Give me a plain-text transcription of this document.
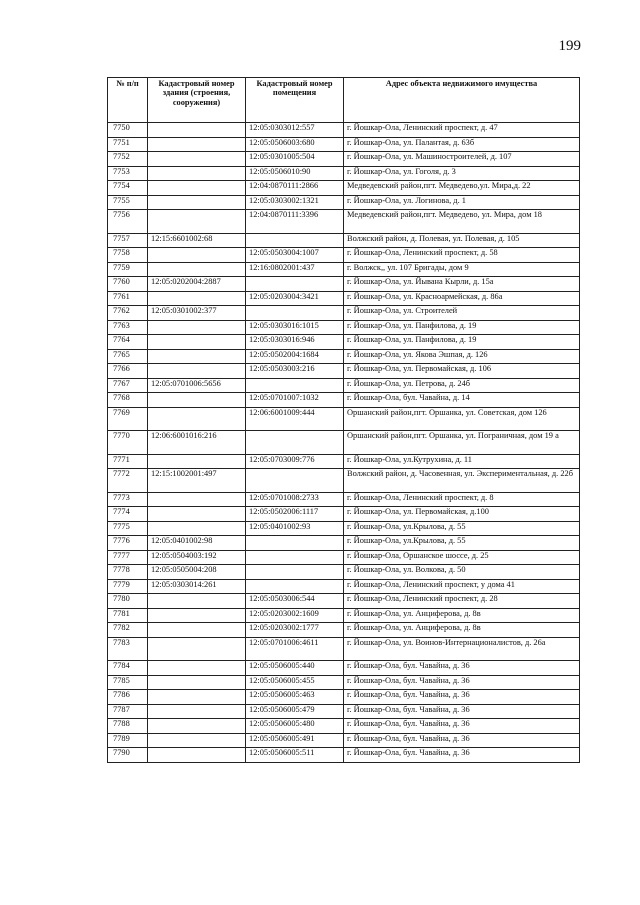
199
№ п/п	Кадастровый номер здания (строения, сооружения)	Кадастровый номер помещения	Адрес объекта недвижимого имущества
7750		12:05:0303012:557	г. Йошкар-Ола, Ленинский проспект, д. 47
7751		12:05:0506003:680	г. Йошкар-Ола, ул. Палантая, д. 63б
7752		12:05:0301005:504	г. Йошкар-Ола, ул. Машиностроителей, д. 107
7753		12:05:0506010:90	г. Йошкар-Ола, ул. Гоголя, д. 3
7754		12:04:0870111:2866	Медведевский район,пгт. Медведево,ул. Мира,д. 22
7755		12:05:0303002:1321	г. Йошкар-Ола, ул. Логинова, д. 1
7756		12:04:0870111:3396	Медведевский район,пгт. Медведево, ул. Мира, дом 18
7757	12:15:6601002:68		Волжский район, д. Полевая, ул. Полевая, д. 105
7758		12:05:0503004:1007	г. Йошкар-Ола, Ленинский проспект, д. 58
7759		12:16:0802001:437	г. Волжск,, ул. 107 Бригады, дом 9
7760	12:05:0202004:2887		г. Йошкар-Ола, ул. Йывана Кырли, д. 15а
7761		12:05:0203004:3421	г. Йошкар-Ола, ул. Красноармейская, д. 86а
7762	12:05:0301002:377		г. Йошкар-Ола, ул. Строителей
7763		12:05:0303016:1015	г. Йошкар-Ола, ул. Панфилова, д. 19
7764		12:05:0303016:946	г. Йошкар-Ола, ул. Панфилова, д. 19
7765		12:05:0502004:1684	г. Йошкар-Ола, ул. Якова Эшпая, д. 126
7766		12:05:0503003:216	г. Йошкар-Ола, ул. Первомайская, д. 106
7767	12:05:0701006:5656		г. Йошкар-Ола, ул. Петрова, д. 24б
7768		12:05:0701007:1032	г. Йошкар-Ола, бул. Чавайна, д. 14
7769		12:06:6001009:444	Оршанский район,пгт. Оршанка, ул. Советская, дом 126
7770	12:06:6001016:216		Оршанский район,пгт. Оршанка, ул. Пограничная, дом 19 а
7771		12:05:0703009:776	г. Йошкар-Ола, ул.Кутрухина, д. 11
7772	12:15:1002001:497		Волжский район, д. Часовенная, ул. Экспериментальная, д. 22б
7773		12:05:0701008:2733	г. Йошкар-Ола, Ленинский проспект, д. 8
7774		12:05:0502006:1117	г. Йошкар-Ола, ул. Первомайская, д.100
7775		12:05:0401002:93	г. Йошкар-Ола, ул.Крылова, д. 55
7776	12:05:0401002:98		г. Йошкар-Ола, ул.Крылова, д. 55
7777	12:05:0504003:192		г. Йошкар-Ола, Оршанское шоссе, д. 25
7778	12:05:0505004:208		г. Йошкар-Ола, ул. Волкова, д. 50
7779	12:05:0303014:261		г. Йошкар-Ола, Ленинский проспект, у дома 41
7780		12:05:0503006:544	г. Йошкар-Ола, Ленинский проспект, д. 28
7781		12:05:0203002:1609	г. Йошкар-Ола, ул. Анциферова, д. 8в
7782		12:05:0203002:1777	г. Йошкар-Ола, ул. Анциферова, д. 8в
7783		12:05:0701006:4611	г. Йошкар-Ола, ул. Воинов-Интернационалистов, д. 26а
7784		12:05:0506005:440	г. Йошкар-Ола, бул. Чавайна, д. 36
7785		12:05:0506005:455	г. Йошкар-Ола, бул. Чавайна, д. 36
7786		12:05:0506005:463	г. Йошкар-Ола, бул. Чавайна, д. 36
7787		12:05:0506005:479	г. Йошкар-Ола, бул. Чавайна, д. 36
7788		12:05:0506005:480	г. Йошкар-Ола, бул. Чавайна, д. 36
7789		12:05:0506005:491	г. Йошкар-Ола, бул. Чавайна, д. 36
7790		12:05:0506005:511	г. Йошкар-Ола, бул. Чавайна, д. 36
